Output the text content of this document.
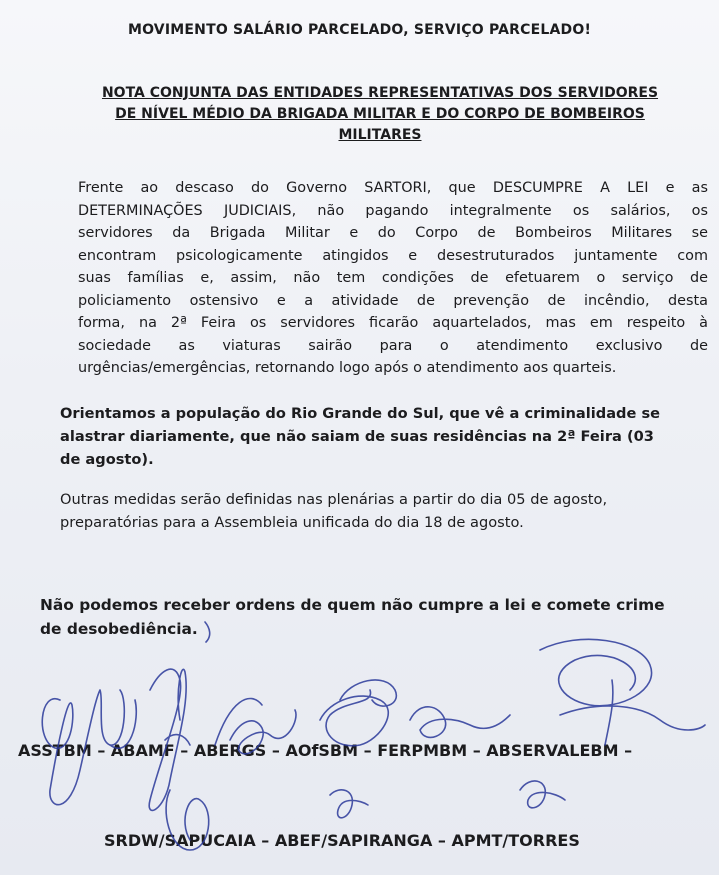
MOVIMENTO SALÁRIO PARCELADO, SERVIÇO PARCELADO!
NOTA CONJUNTA DAS ENTIDADES REPRESENTATIVAS DOS SERVIDORES
DE NÍVEL MÉDIO DA BRIGADA MILITAR E DO CORPO DE BOMBEIROS
MILITARES
Frente ao descaso do Governo SARTORI, que DESCUMPRE A LEI e as
DETERMINAÇÕES JUDICIAIS, não pagando integralmente os salários, os
servidores da Brigada Militar e do Corpo de Bombeiros Militares se
encontram psicologicamente atingidos e desestruturados juntamente com
suas famílias e, assim, não tem condições de efetuarem o serviço de
policiamento ostensivo e a atividade de prevenção de incêndio, desta
forma, na 2ª Feira os servidores ficarão aquartelados, mas em respeito à
sociedade as viaturas sairão para o atendimento exclusivo de
urgências/emergências, retornando logo após o atendimento aos quarteis.
Orientamos a população do Rio Grande do Sul, que vê a criminalidade se
alastrar diariamente, que não saiam de suas residências na 2ª Feira (03
de agosto).
Outras medidas serão definidas nas plenárias a partir do dia 05 de agosto,
preparatórias para a Assembleia unificada do dia 18 de agosto.
Não podemos receber ordens de quem não cumpre a lei e comete crime
de desobediência.
ASSTBM – ABAMF – ABERGS – AOfSBM – FERPMBM – ABSERVALEBM –
SRDW/SAPUCAIA – ABEF/SAPIRANGA – APMT/TORRES
